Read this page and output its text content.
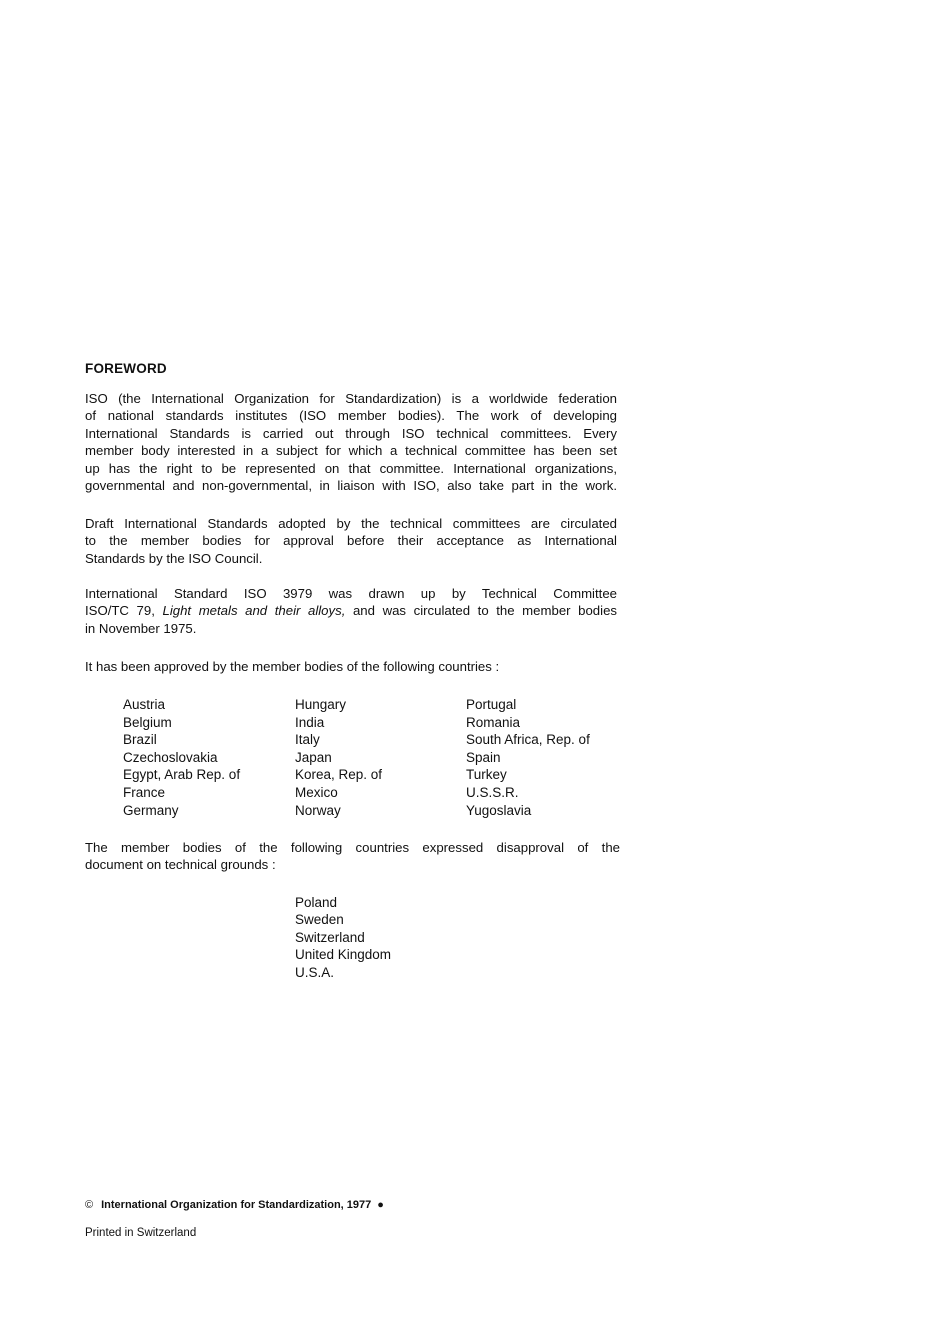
FOREWORD
ISO (the International Organization for Standardization) is a worldwide federation
of national standards institutes (ISO member bodies). The work of developing
International Standards is carried out through ISO technical committees. Every
member body interested in a subject for which a technical committee has been set
up has the right to be represented on that committee. International organizations,
governmental and non-governmental, in liaison with ISO, also take part in the work.
Draft International Standards adopted by the technical committees are circulated
to the member bodies for approval before their acceptance as International
Standards by the ISO Council.
International Standard ISO 3979 was drawn up by Technical Committee
ISO/TC 79, Light metals and their alloys, and was circulated to the member bodies
in November 1975.
It has been approved by the member bodies of the following countries :
Austria
Belgium
Brazil
Czechoslovakia
Egypt, Arab Rep. of
France
Germany
Hungary
India
Italy
Japan
Korea, Rep. of
Mexico
Norway
Portugal
Romania
South Africa, Rep. of
Spain
Turkey
U.S.S.R.
Yugoslavia
The member bodies of the following countries expressed disapproval of the
document on technical grounds :
Poland
Sweden
Switzerland
United Kingdom
U.S.A.
© International Organization for Standardization, 1977 ●
Printed in Switzerland
